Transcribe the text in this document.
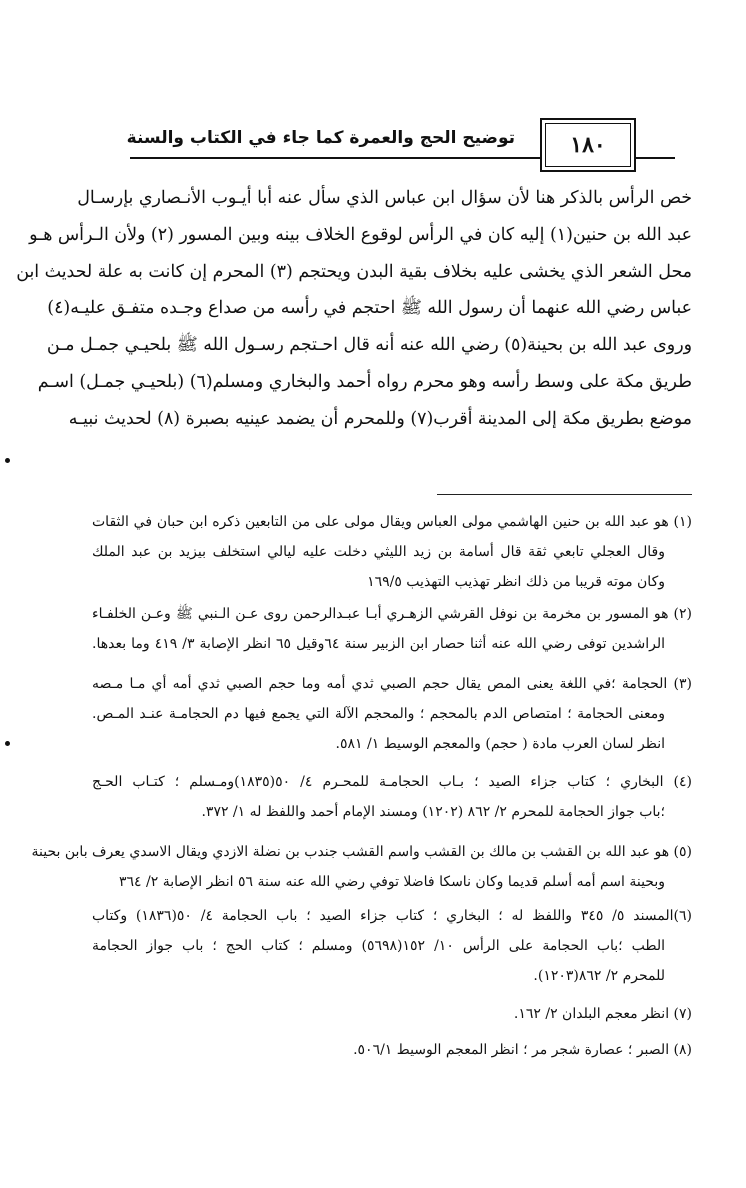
توضيح الحج والعمرة كما جاء في الكتاب والسنة	١٨٠
خص الرأس بالذكر هنا لأن سؤال ابن عباس الذي سأل عنه أبا أيـوب الأنـصاري بإرسـال
عبد الله بن حنين(١) إليه كان في الرأس لوقوع الخلاف بينه وبين المسور (٢) ولأن الـرأس هـو
محل الشعر الذي يخشى عليه بخلاف بقية البدن ويحتجم (٣) المحرم إن كانت به علة لحديث ابن
عباس رضي الله عنهما أن رسول الله ﷺ احتجم في رأسه من صداع وجـده متفـق عليـه(٤)
وروى عبد الله بن بحينة(٥) رضي الله عنه أنه قال احـتجم رسـول الله ﷺ بلحيـي جمـل مـن
طريق مكة على وسط رأسه وهو محرم رواه أحمد والبخاري ومسلم(٦) (بلحيـي جمـل) اسـم
موضع بطريق مكة إلى المدينة أقرب(٧) وللمحرم أن يضمد عينيه بصبرة (٨) لحديث نبيـه
(١) هو عبد الله بن حنين الهاشمي مولى العباس ويقال مولى على من التابعين ذكره ابن حبان في الثقات
وقال العجلي تابعي ثقة قال أسامة بن زيد الليثي دخلت عليه ليالي استخلف بيزيد بن عبد الملك
وكان موته قريبا من ذلك انظر تهذيب التهذيب ١٦٩/٥
(٢) هو المسور بن مخرمة بن نوفل القرشي الزهـري أبـا عبـدالرحمن روى عـن الـنبي ﷺ وعـن الخلفـاء
الراشدين توفى رضي الله عنه أثنا حصار ابن الزبير سنة ٦٤وقيل ٦٥ انظر الإصابة ٣/ ٤١٩ وما بعدها.
(٣) الحجامة ؛في اللغة يعنى المص يقال حجم الصبي ثدي أمه وما حجم الصبي ثدي أمه أي مـا مـصه
ومعنى الحجامة ؛ امتصاص الدم بالمحجم ؛ والمحجم الآلة التي يجمع فيها دم الحجامـة عنـد المـص.
انظر لسان العرب مادة ( حجم) والمعجم الوسيط ١/ ٥٨١.
(٤) البخاري ؛ كتاب جزاء الصيد ؛ بـاب الحجامـة للمحـرم ٤/ ٥٠(١٨٣٥)ومـسلم ؛ كتـاب الحـج
؛باب جواز الحجامة للمحرم ٢/ ٨٦٢ (١٢٠٢) ومسند الإمام أحمد واللفظ له ١/ ٣٧٢.
(٥) هو عبد الله بن القشب بن مالك بن القشب واسم القشب جندب بن نضلة الازدي ويقال الاسدي يعرف بابن بحينة
وبحينة اسم أمه أسلم قديما وكان ناسكا فاضلا توفي رضي الله عنه سنة ٥٦ انظر الإصابة ٢/ ٣٦٤
(٦)المسند ٥/ ٣٤٥ واللفظ له ؛ البخاري ؛ كتاب جزاء الصيد ؛ باب الحجامة ٤/ ٥٠(١٨٣٦) وكتاب
الطب ؛باب الحجامة على الرأس ١٠/ ١٥٢(٥٦٩٨) ومسلم ؛ كتاب الحج ؛ باب جواز الحجامة
للمحرم ٢/ ٨٦٢(١٢٠٣).
(٧) انظر معجم البلدان ٢/ ١٦٢.
(٨) الصبر ؛ عصارة شجر مر ؛ انظر المعجم الوسيط ٥٠٦/١.
